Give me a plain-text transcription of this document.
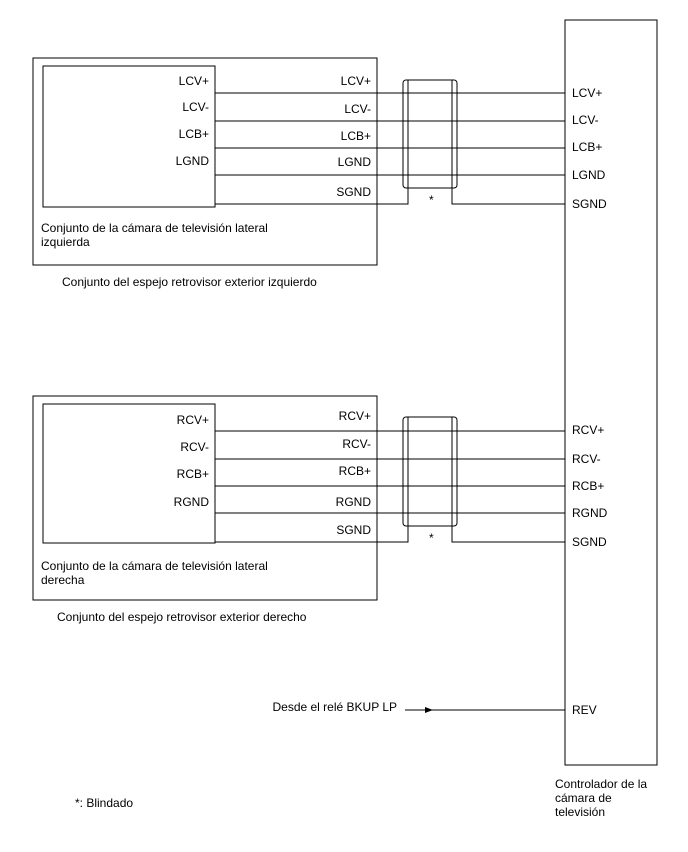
LCV+
LCV-
LCB+
LGND
LCV+
LCV-
LCB+
LGND
SGND
*
Conjunto de la cámara de televisión lateral
izquierda
Conjunto del espejo retrovisor exterior izquierdo
LCV+
LCV-
LCB+
LGND
SGND
RCV+
RCV-
RCB+
RGND
RCV+
RCV-
RCB+
RGND
SGND
*
Conjunto de la cámara de televisión lateral
derecha
Conjunto del espejo retrovisor exterior derecho
RCV+
RCV-
RCB+
RGND
SGND
Desde el relé BKUP LP	REV
Controlador de la
cámara de
televisión
*: Blindado
